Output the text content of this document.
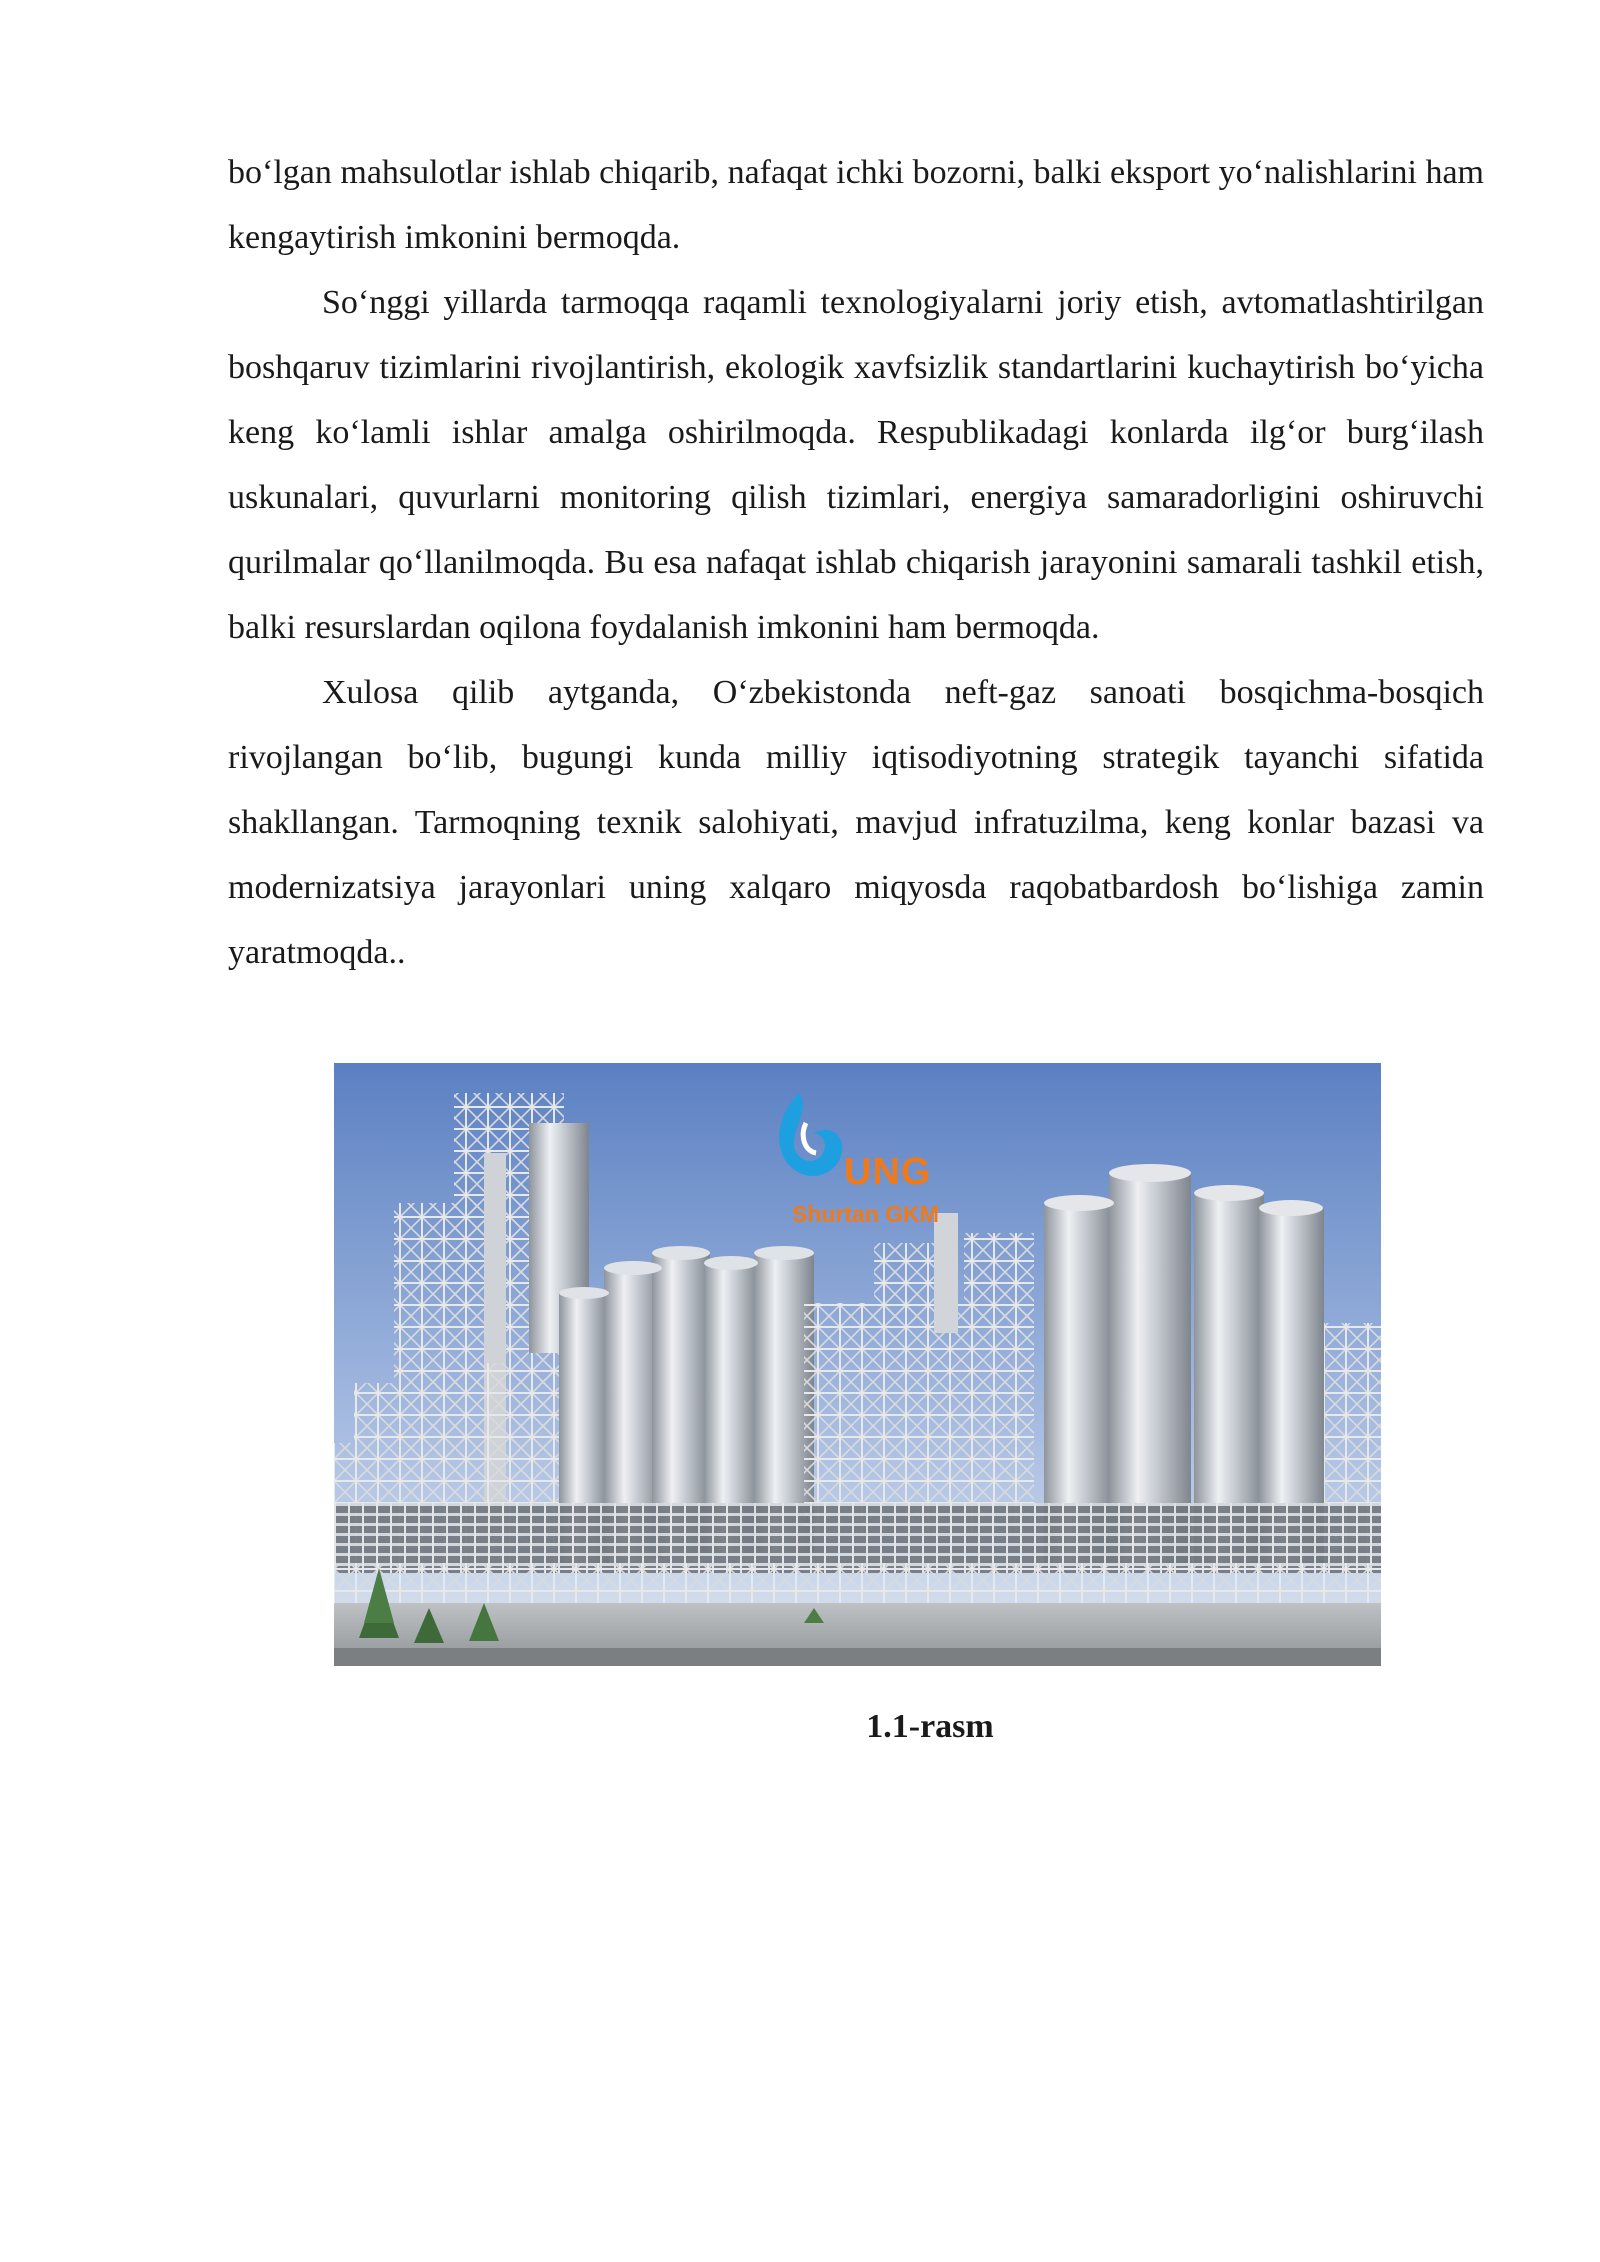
bo‘lgan mahsulotlar ishlab chiqarib, nafaqat ichki bozorni, balki eksport yo‘nalishlarini ham kengaytirish imkonini bermoqda.

So‘nggi yillarda tarmoqqa raqamli texnologiyalarni joriy etish, avtomatlashtirilgan boshqaruv tizimlarini rivojlantirish, ekologik xavfsizlik standartlarini kuchaytirish bo‘yicha keng ko‘lamli ishlar amalga oshirilmoqda. Respublikadagi konlarda ilg‘or burg‘ilash uskunalari, quvurlarni monitoring qilish tizimlari, energiya samaradorligini oshiruvchi qurilmalar qo‘llanilmoqda. Bu esa nafaqat ishlab chiqarish jarayonini samarali tashkil etish, balki resurslardan oqilona foydalanish imkonini ham bermoqda.

Xulosa qilib aytganda, O‘zbekistonda neft-gaz sanoati bosqichma-bosqich rivojlangan bo‘lib, bugungi kunda milliy iqtisodiyotning strategik tayanchi sifatida shakllangan. Tarmoqning texnik salohiyati, mavjud infratuzilma, keng konlar bazasi va modernizatsiya jarayonlari uning xalqaro miqyosda raqobatbardosh bo‘lishiga zamin yaratmoqda..

UNG
Shurtan GKM
1.1-rasm
